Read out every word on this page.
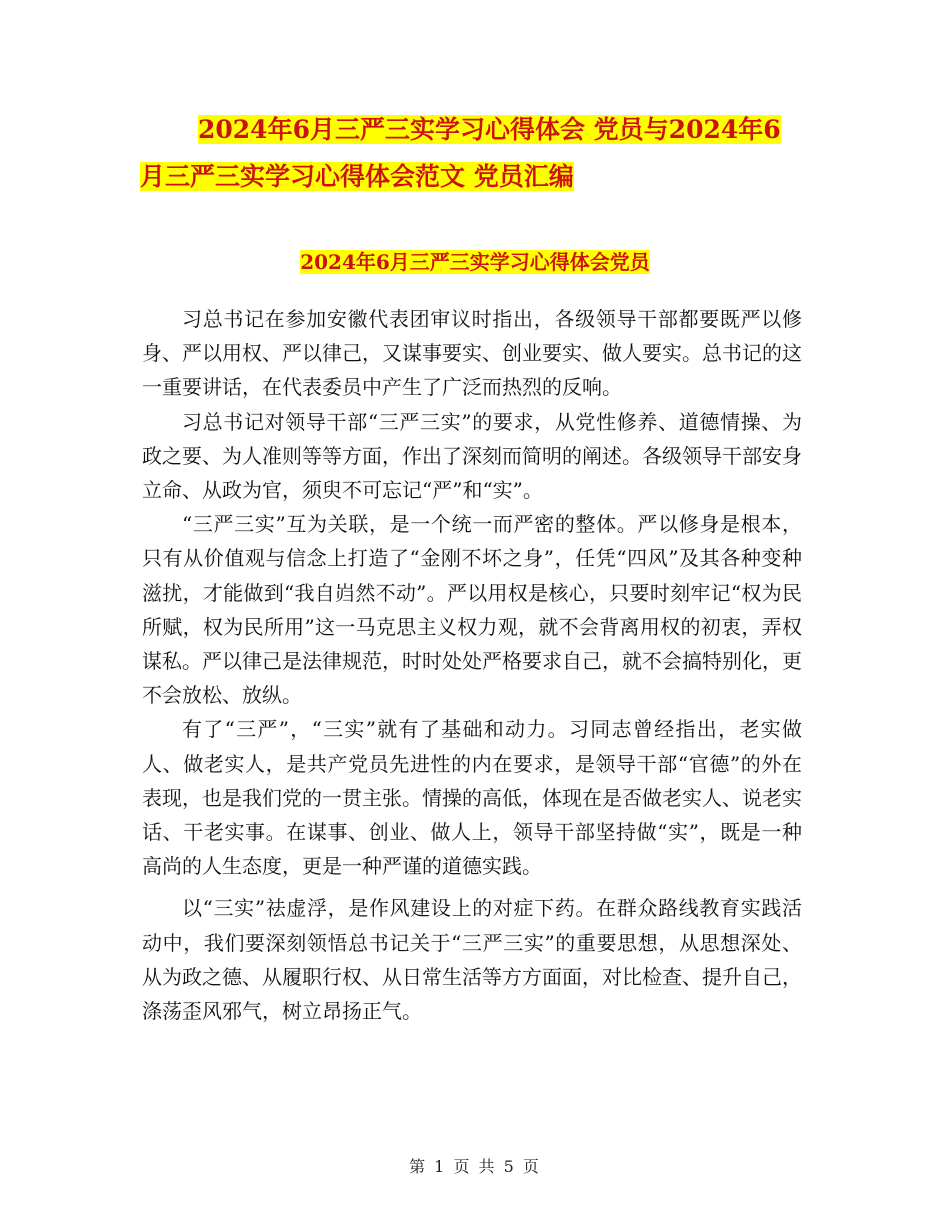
2024年6月三严三实学习心得体会 党员与2024年6
月三严三实学习心得体会范文 党员汇编
2024年6月三严三实学习心得体会党员

习总书记在参加安徽代表团审议时指出，各级领导干部都要既严以修身、严以用权、严以律己，又谋事要实、创业要实、做人要实。总书记的这一重要讲话，在代表委员中产生了广泛而热烈的反响。

习总书记对领导干部“三严三实”的要求，从党性修养、道德情操、为政之要、为人准则等等方面，作出了深刻而简明的阐述。各级领导干部安身立命、从政为官，须臾不可忘记“严”和“实”。

“三严三实”互为关联，是一个统一而严密的整体。严以修身是根本，只有从价值观与信念上打造了“金刚不坏之身”，任凭“四风”及其各种变种滋扰，才能做到“我自岿然不动”。严以用权是核心，只要时刻牢记“权为民所赋，权为民所用”这一马克思主义权力观，就不会背离用权的初衷，弄权谋私。严以律己是法律规范，时时处处严格要求自己，就不会搞特别化，更不会放松、放纵。

有了“三严”，“三实”就有了基础和动力。习同志曾经指出，老实做人、做老实人，是共产党员先进性的内在要求，是领导干部“官德”的外在表现，也是我们党的一贯主张。情操的高低，体现在是否做老实人、说老实话、干老实事。在谋事、创业、做人上，领导干部坚持做“实”，既是一种高尚的人生态度，更是一种严谨的道德实践。

以“三实”祛虚浮，是作风建设上的对症下药。在群众路线教育实践活动中，我们要深刻领悟总书记关于“三严三实”的重要思想，从思想深处、从为政之德、从履职行权、从日常生活等方方面面，对比检查、提升自己，涤荡歪风邪气，树立昂扬正气。

第 1 页 共 5 页
